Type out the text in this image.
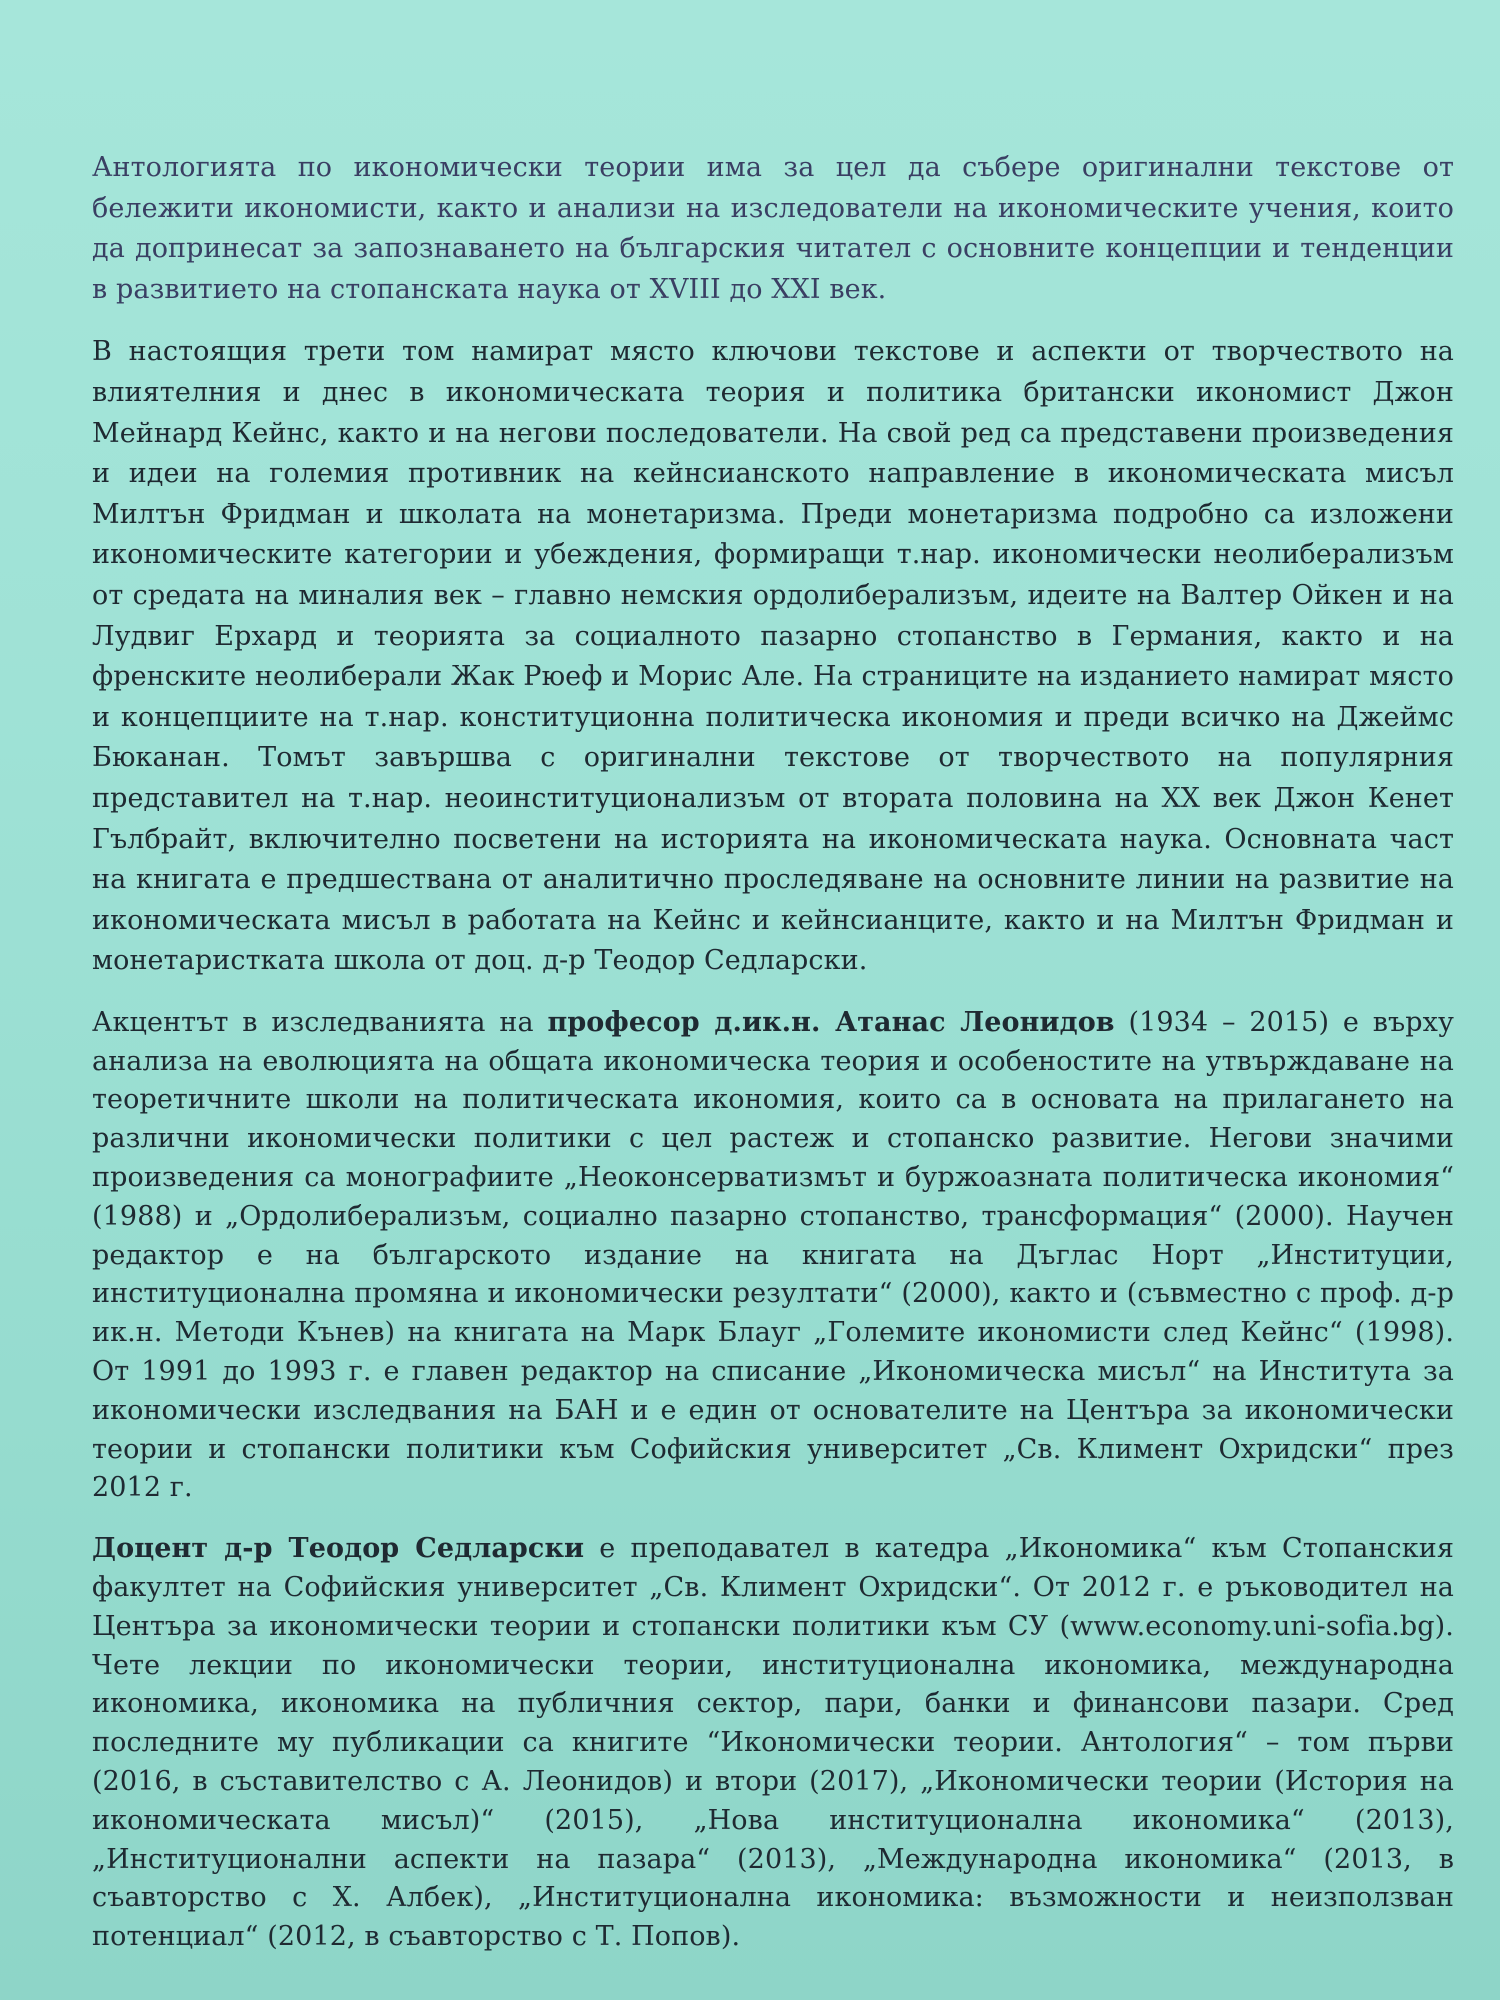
Антологията по икономически теории има за цел да събере оригинални текстове от бележити икономисти, както и анализи на изследователи на икономическите учения, които да допринесат за запознаването на българския читател с основните концепции и тенденции в развитието на стопанската наука от XVIII до XXI век.

В настоящия трети том намират място ключови текстове и аспекти от творчеството на влиятелния и днес в икономическата теория и политика британски икономист Джон Мейнард Кейнс, както и на негови последователи. На свой ред са представени произведения и идеи на големия противник на кейнсианското направление в икономическата мисъл Милтън Фридман и школата на монетаризма. Преди монетаризма подробно са изложени икономическите категории и убеждения, формиращи т.нар. икономически неолиберализъм от средата на миналия век – главно немския ордолиберализъм, идеите на Валтер Ойкен и на Лудвиг Ерхард и теорията за социалното пазарно стопанство в Германия, както и на френските неолиберали Жак Рюеф и Морис Але. На страниците на изданието намират място и концепциите на т.нар. конституционна политическа икономия и преди всичко на Джеймс Бюканан. Томът завършва с оригинални текстове от творчеството на популярния представител на т.нар. неоинституционализъм от втората половина на XX век Джон Кенет Гълбрайт, включително посветени на историята на икономическата наука. Основната част на книгата е предшествана от аналитично проследяване на основните линии на развитие на икономическата мисъл в работата на Кейнс и кейнсианците, както и на Милтън Фридман и монетаристката школа от доц. д-р Теодор Седларски.

Акцентът в изследванията на професор д.ик.н. Атанас Леонидов (1934 – 2015) е върху анализа на еволюцията на общата икономическа теория и особеностите на утвърждаване на теоретичните школи на политическата икономия, които са в основата на прилагането на различни икономически политики с цел растеж и стопанско развитие. Негови значими произведения са монографиите „Неоконсерватизмът и буржоазната политическа икономия“ (1988) и „Ордолиберализъм, социално пазарно стопанство, трансформация“ (2000). Научен редактор е на българското издание на книгата на Дъглас Норт „Институции, институционална промяна и икономически резултати“ (2000), както и (съвместно с проф. д-р ик.н. Методи Кънев) на книгата на Марк Блауг „Големите икономисти след Кейнс“ (1998). От 1991 до 1993 г. е главен редактор на списание „Икономическа мисъл“ на Института за икономически изследвания на БАН и е един от основателите на Центъра за икономически теории и стопански политики към Софийския университет „Св. Климент Охридски“ през 2012 г.

Доцент д-р Теодор Седларски е преподавател в катедра „Икономика“ към Стопанския факултет на Софийския университет „Св. Климент Охридски“. От 2012 г. е ръководител на Центъра за икономически теории и стопански политики към СУ (www.economy.uni-sofia.bg). Чете лекции по икономически теории, институционална икономика, международна икономика, икономика на публичния сектор, пари, банки и финансови пазари. Сред последните му публикации са книгите “Икономически теории. Антология“ – том първи (2016, в съставителство с А. Леонидов) и втори (2017), „Икономически теории (История на икономическата мисъл)“ (2015), „Нова институционална икономика“ (2013), „Институционални аспекти на пазара“ (2013), „Международна икономика“ (2013, в съавторство с Х. Албек), „Институционална икономика: възможности и неизползван потенциал“ (2012, в съавторство с Т. Попов).
